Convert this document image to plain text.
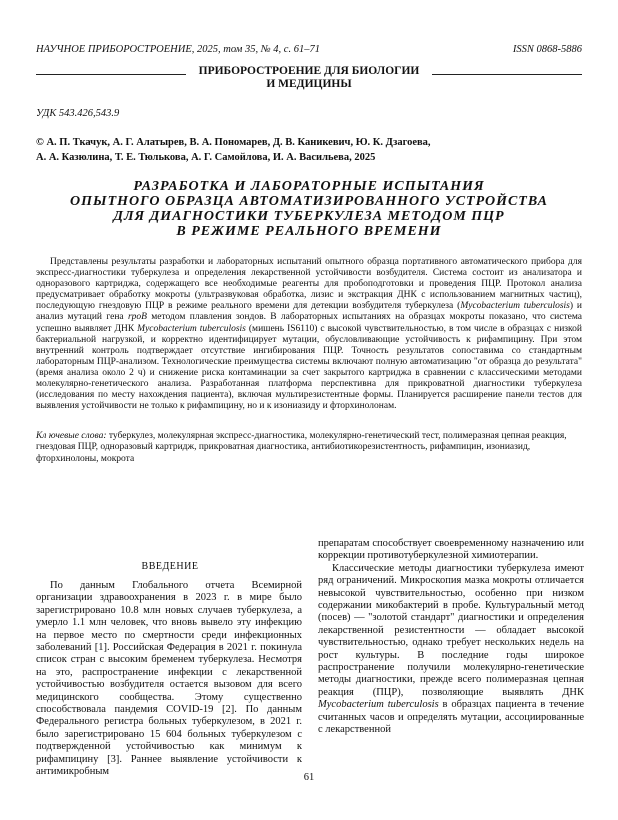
НАУЧНОЕ ПРИБОРОСТРОЕНИЕ, 2025, том 35, № 4, с. 61–71	ISSN 0868-5886
ПРИБОРОСТРОЕНИЕ ДЛЯ БИОЛОГИИ
И МЕДИЦИНЫ
УДК 543.426,543.9
© А. П. Ткачук, А. Г. Алатырев, В. А. Пономарев, Д. В. Каникевич, Ю. К. Дзагоева,
А. А. Казюлина, Т. Е. Тюлькова, А. Г. Самойлова, И. А. Васильева, 2025
РАЗРАБОТКА И ЛАБОРАТОРНЫЕ ИСПЫТАНИЯ
ОПЫТНОГО ОБРАЗЦА АВТОМАТИЗИРОВАННОГО УСТРОЙСТВА
ДЛЯ ДИАГНОСТИКИ ТУБЕРКУЛЕЗА МЕТОДОМ ПЦР
В РЕЖИМЕ РЕАЛЬНОГО ВРЕМЕНИ

Представлены результаты разработки и лабораторных испытаний опытного образца портативного автоматического прибора для экспресс-диагностики туберкулеза и определения лекарственной устойчивости возбудителя. Система состоит из анализатора и одноразового картриджа, содержащего все необходимые реагенты для пробоподготовки и проведения ПЦР. Протокол анализа предусматривает обработку мокроты (ультразвуковая обработка, лизис и экстракция ДНК с использованием магнитных частиц), последующую гнездовую ПЦР в режиме реального времени для детекции возбудителя туберкулеза (Mycobacterium tuberculosis) и анализ мутаций гена rpoB методом плавления зондов. В лабораторных испытаниях на образцах мокроты показано, что система успешно выявляет ДНК Mycobacterium tuberculosis (мишень IS6110) с высокой чувствительностью, в том числе в образцах с низкой бактериальной нагрузкой, и корректно идентифицирует мутации, обусловливающие устойчивость к рифампицину. При этом внутренний контроль подтверждает отсутствие ингибирования ПЦР. Точность результатов сопоставима со стандартным лабораторным ПЦР-анализом. Технологические преимущества системы включают полную автоматизацию "от образца до результата" (время анализа около 2 ч) и снижение риска контаминации за счет закрытого картриджа в сравнении с классическими методами молекулярно-генетического анализа. Разработанная платформа перспективна для прикроватной диагностики туберкулеза (исследования по месту нахождения пациента), включая мультирезистентные формы. Планируется расширение панели тестов для выявления устойчивости не только к рифампицину, но и к изониазиду и фторхинолонам.

Кл ючевые слова: туберкулез, молекулярная экспресс-диагностика, молекулярно-генетический тест, полимеразная цепная реакция, гнездовая ПЦР, одноразовый картридж, прикроватная диагностика, антибиотикорезистентность, рифампицин, изониазид, фторхинолоны, мокрота
ВВЕДЕНИЕ

По данным Глобального отчета Всемирной организации здравоохранения в 2023 г. в мире было зарегистрировано 10.8 млн новых случаев туберкулеза, а умерло 1.1 млн человек, что вновь вывело эту инфекцию на первое место по смертности среди инфекционных заболеваний [1]. Российская Федерация в 2021 г. покинула список стран с высоким бременем туберкулеза. Несмотря на это, распространение инфекции с лекарственной устойчивостью возбудителя остается вызовом для всего медицинского сообщества. Этому существенно способствовала пандемия COVID-19 [2]. По данным Федерального регистра больных туберкулезом, в 2021 г. было зарегистрировано 15 604 больных туберкулезом с подтвержденной устойчивостью как минимум к рифампицину [3]. Раннее выявление устойчивости к антимикробным

препаратам способствует своевременному назначению или коррекции противотуберкулезной химиотерапии.

Классические методы диагностики туберкулеза имеют ряд ограничений. Микроскопия мазка мокроты отличается невысокой чувствительностью, особенно при низком содержании микобактерий в пробе. Культуральный метод (посев) — "золотой стандарт" диагностики и определения лекарственной резистентности — обладает высокой чувствительностью, однако требует нескольких недель на рост культуры. В последние годы широкое распространение получили молекулярно-генетические методы диагностики, прежде всего полимеразная цепная реакция (ПЦР), позволяющие выявлять ДНК Mycobacterium tuberculosis в образцах пациента в течение считанных часов и определять мутации, ассоциированные с лекарственной

61
